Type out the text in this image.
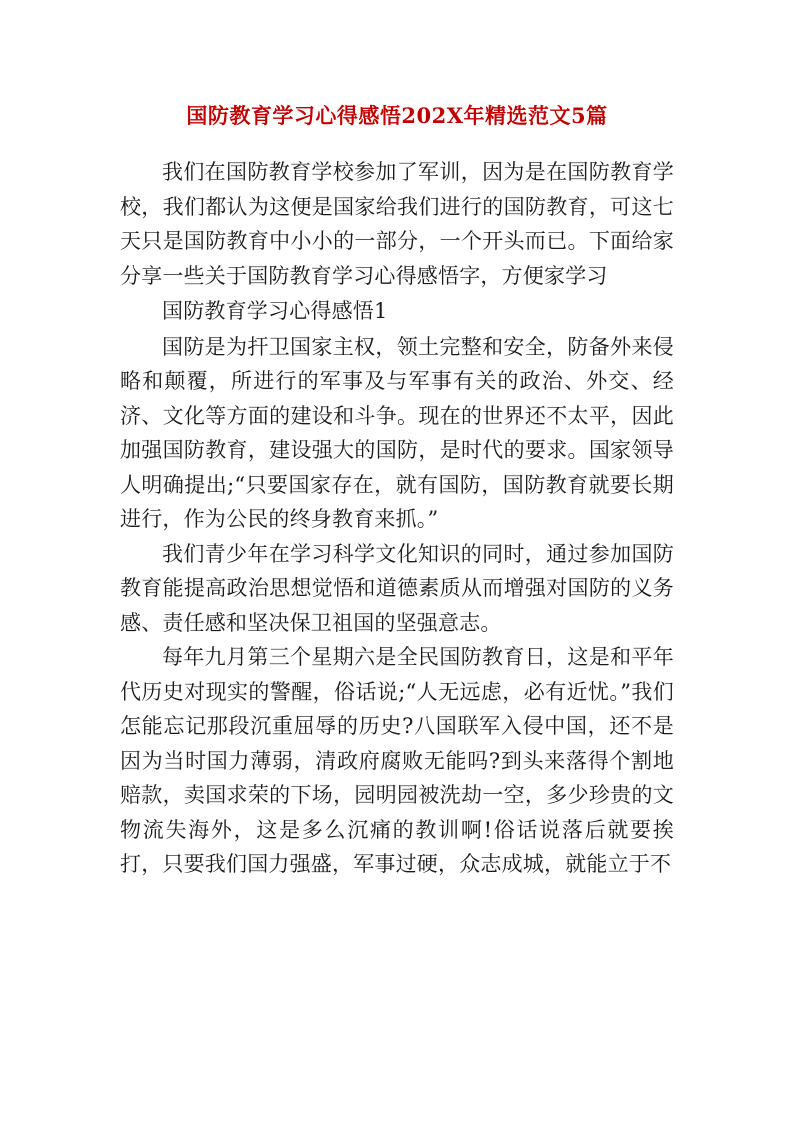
国防教育学习心得感悟202X年精选范文5篇

我们在国防教育学校参加了军训，因为是在国防教育学校，我们都认为这便是国家给我们进行的国防教育，可这七天只是国防教育中小小的一部分，一个开头而已。下面给家分享一些关于国防教育学习心得感悟字，方便家学习

国防教育学习心得感悟1

国防是为扞卫国家主权，领土完整和安全，防备外来侵略和颠覆，所进行的军事及与军事有关的政治、外交、经济、文化等方面的建设和斗争。现在的世界还不太平，因此加强国防教育，建设强大的国防，是时代的要求。国家领导人明确提出;“只要国家存在，就有国防，国防教育就要长期进行，作为公民的终身教育来抓。”

我们青少年在学习科学文化知识的同时，通过参加国防教育能提高政治思想觉悟和道德素质从而增强对国防的义务感、责任感和坚决保卫祖国的坚强意志。

每年九月第三个星期六是全民国防教育日，这是和平年代历史对现实的警醒，俗话说;“人无远虑，必有近忧。”我们怎能忘记那段沉重屈辱的历史?八国联军入侵中国，还不是因为当时国力薄弱，清政府腐败无能吗?到头来落得个割地赔款，卖国求荣的下场，园明园被洗劫一空，多少珍贵的文物流失海外，这是多么沉痛的教训啊!俗话说落后就要挨打，只要我们国力强盛，军事过硬，众志成城，就能立于不
